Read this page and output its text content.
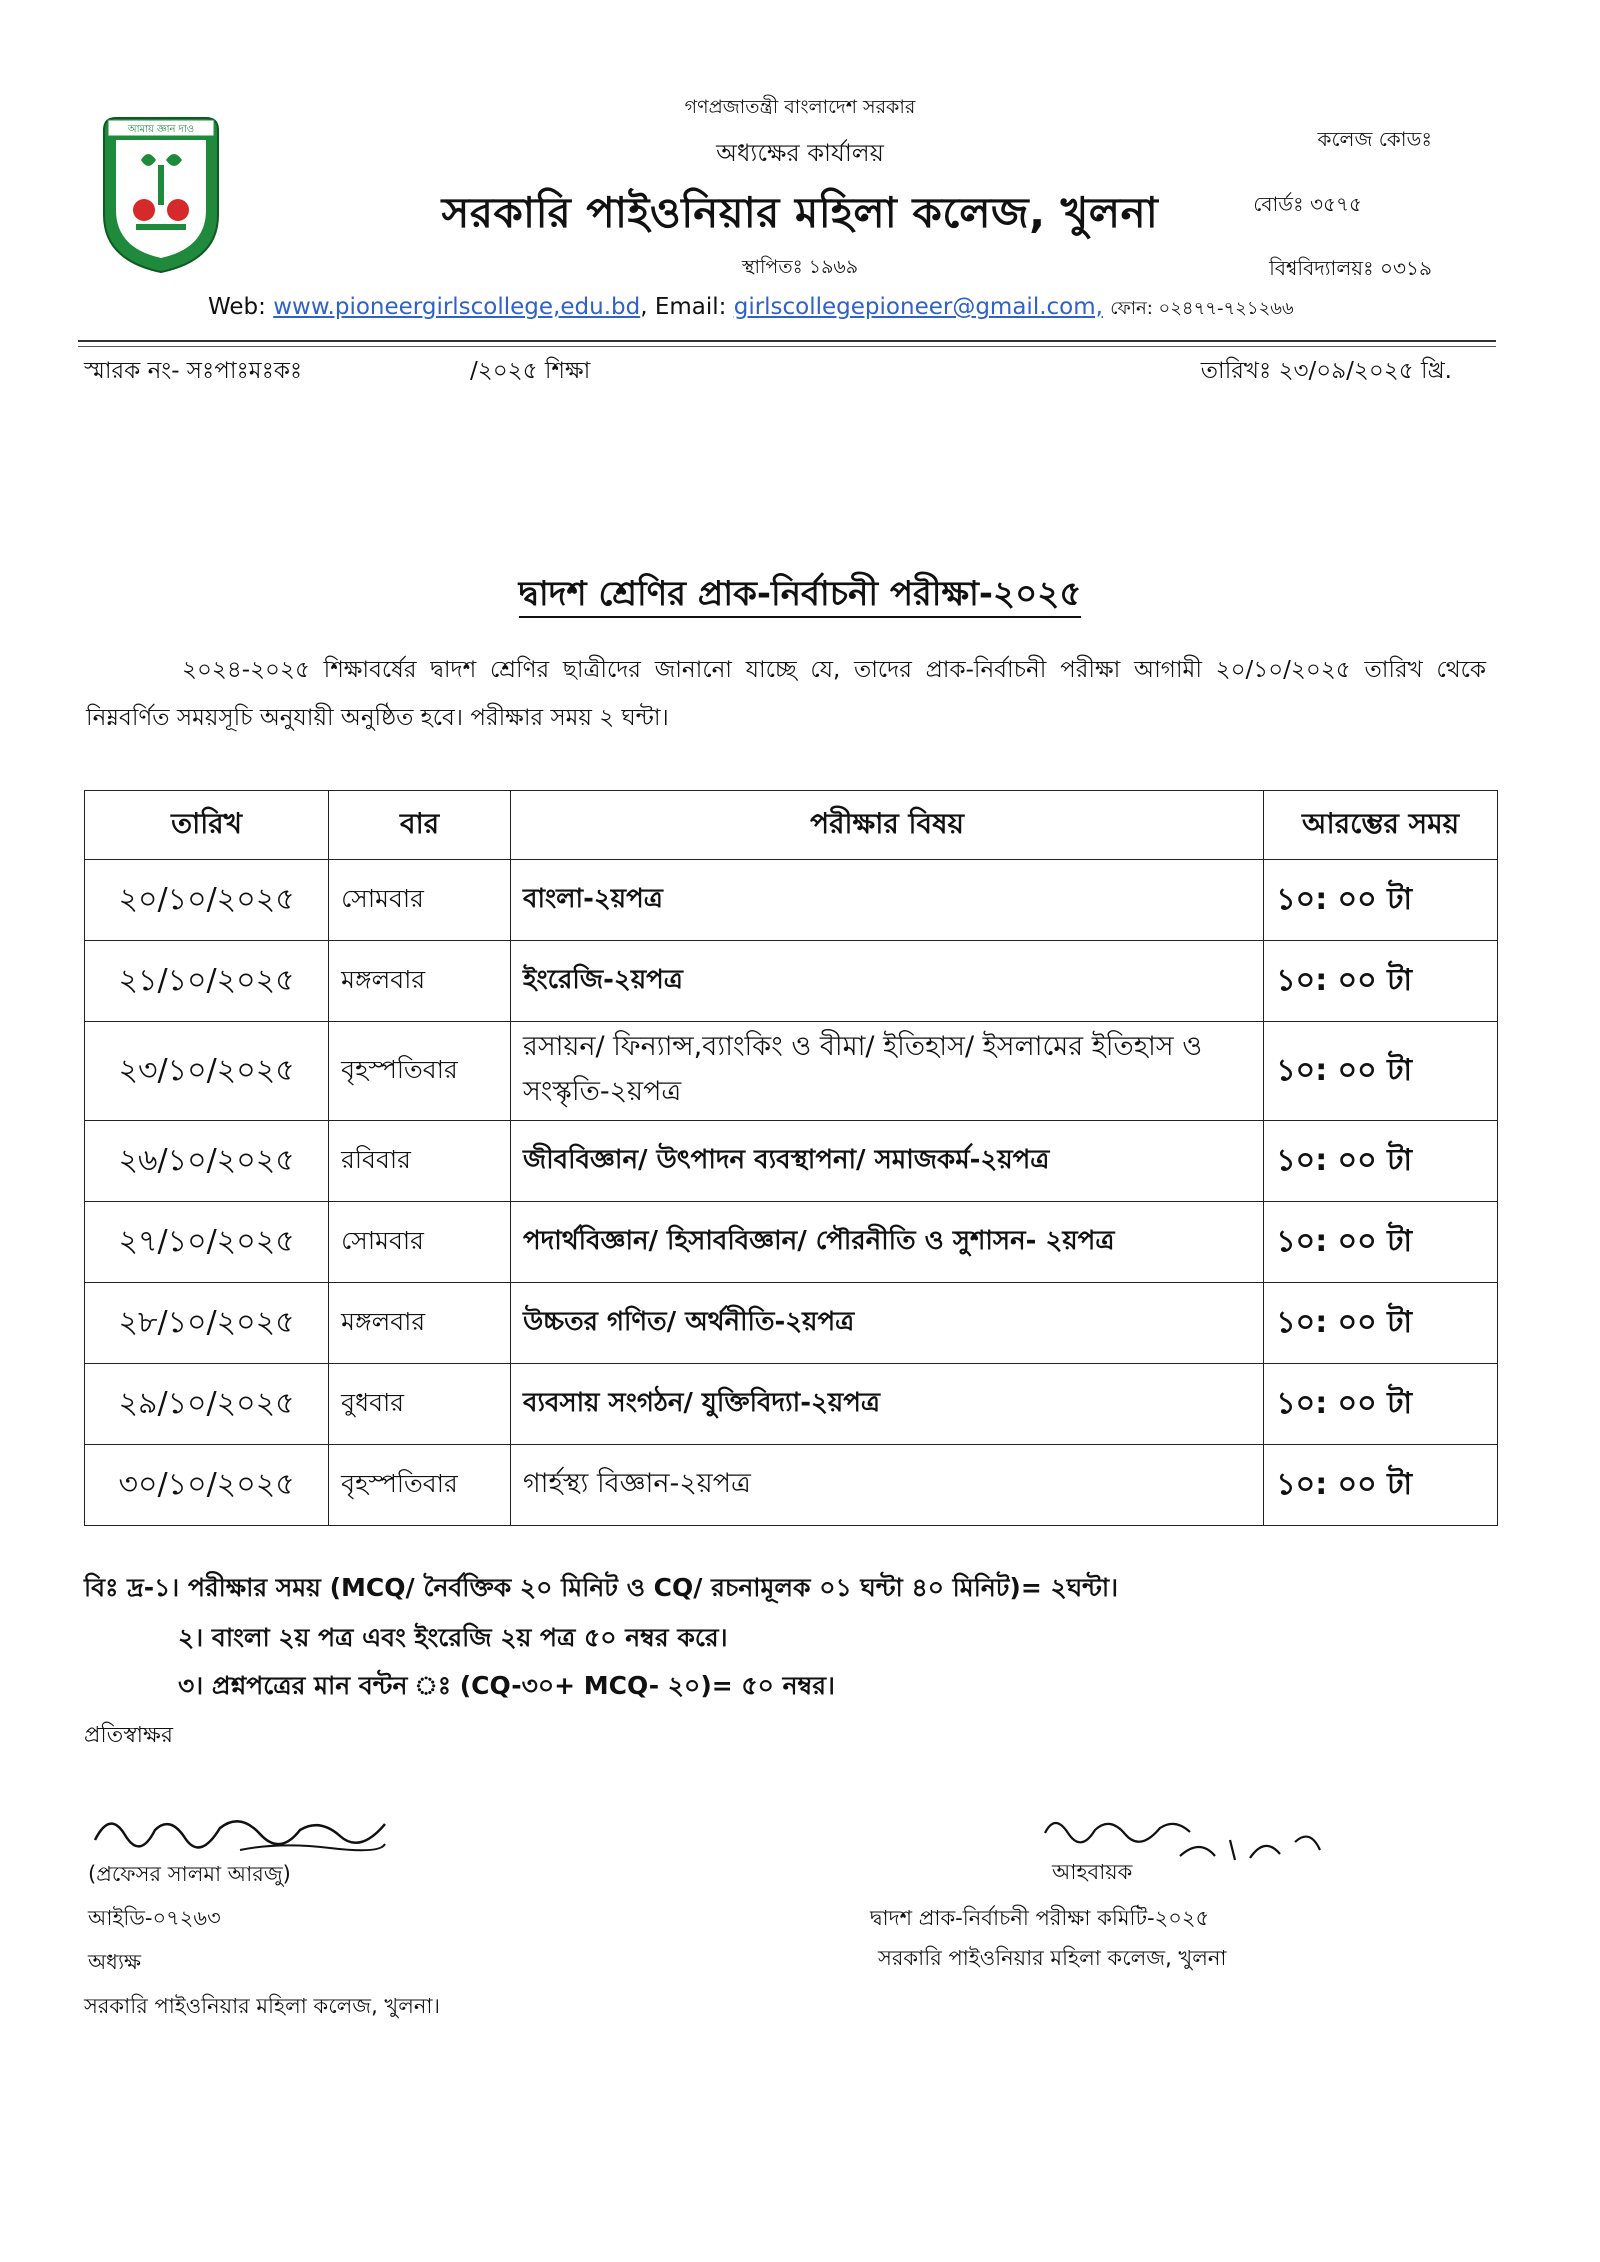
আমায় জ্ঞান দাও
গণপ্রজাতন্ত্রী বাংলাদেশ সরকার
অধ্যক্ষের কার্যালয়
সরকারি পাইওনিয়ার মহিলা কলেজ, খুলনা
স্থাপিতঃ ১৯৬৯
কলেজ কোডঃ
বোর্ডঃ ৩৫৭৫
বিশ্ববিদ্যালয়ঃ ০৩১৯
Web: www.pioneergirlscollege,edu.bd, Email: girlscollegepioneer@gmail.com, ফোন: ০২৪৭৭-৭২১২৬৬
স্মারক নং- সঃপাঃমঃকঃ	/২০২৫ শিক্ষা	তারিখঃ ২৩/০৯/২০২৫ খ্রি.
দ্বাদশ শ্রেণির প্রাক-নির্বাচনী পরীক্ষা-২০২৫
২০২৪-২০২৫ শিক্ষাবর্ষের দ্বাদশ শ্রেণির ছাত্রীদের জানানো যাচ্ছে যে, তাদের প্রাক-নির্বাচনী পরীক্ষা আগামী ২০/১০/২০২৫ তারিখ থেকে নিম্নবর্ণিত সময়সূচি অনুযায়ী অনুষ্ঠিত হবে। পরীক্ষার সময় ২ ঘন্টা।
তারিখ	বার	পরীক্ষার বিষয়	আরম্ভের সময়
২০/১০/২০২৫	সোমবার	বাংলা-২য়পত্র	১০: ০০ টা
২১/১০/২০২৫	মঙ্গলবার	ইংরেজি-২য়পত্র	১০: ০০ টা
২৩/১০/২০২৫	বৃহস্পতিবার	রসায়ন/ ফিন্যান্স,ব্যাংকিং ও বীমা/ ইতিহাস/ ইসলামের ইতিহাস ও সংস্কৃতি-২য়পত্র	১০: ০০ টা
২৬/১০/২০২৫	রবিবার	জীববিজ্ঞান/ উৎপাদন ব্যবস্থাপনা/ সমাজকর্ম-২য়পত্র	১০: ০০ টা
২৭/১০/২০২৫	সোমবার	পদার্থবিজ্ঞান/ হিসাববিজ্ঞান/ পৌরনীতি ও সুশাসন- ২য়পত্র	১০: ০০ টা
২৮/১০/২০২৫	মঙ্গলবার	উচ্চতর গণিত/ অর্থনীতি-২য়পত্র	১০: ০০ টা
২৯/১০/২০২৫	বুধবার	ব্যবসায় সংগঠন/ যুক্তিবিদ্যা-২য়পত্র	১০: ০০ টা
৩০/১০/২০২৫	বৃহস্পতিবার	গার্হস্থ্য বিজ্ঞান-২য়পত্র	১০: ০০ টা
বিঃ দ্র-১। পরীক্ষার সময় (MCQ/ নৈর্বক্তিক ২০ মিনিট ও CQ/ রচনামূলক ০১ ঘন্টা ৪০ মিনিট)= ২ঘন্টা।
২। বাংলা ২য় পত্র এবং ইংরেজি ২য় পত্র ৫০ নম্বর করে।
৩। প্রশ্নপত্রের মান বন্টন ঃ (CQ-৩০+ MCQ- ২০)= ৫০ নম্বর।
প্রতিস্বাক্ষর
(প্রফেসর সালমা আরজু)
আইডি-০৭২৬৩
অধ্যক্ষ
সরকারি পাইওনিয়ার মহিলা কলেজ, খুলনা।
আহবায়ক
দ্বাদশ প্রাক-নির্বাচনী পরীক্ষা কমিটি-২০২৫
সরকারি পাইওনিয়ার মহিলা কলেজ, খুলনা
